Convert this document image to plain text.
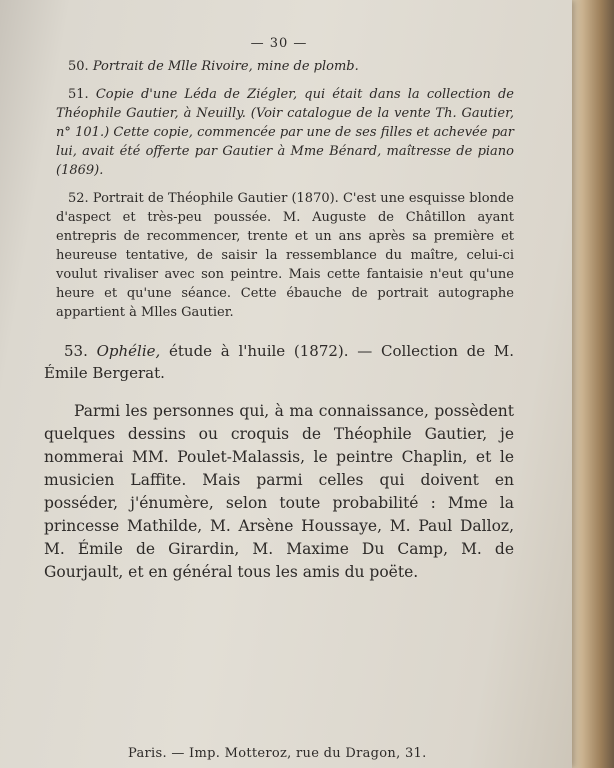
— 30 —
50. Portrait de Mlle Rivoire, mine de plomb.
51. Copie d'une Léda de Ziégler, qui était dans la collection de Théophile Gautier, à Neuilly. (Voir catalogue de la vente Th. Gautier, n° 101.) Cette copie, commencée par une de ses filles et achevée par lui, avait été offerte par Gautier à Mme Bénard, maîtresse de piano (1869).
52. Portrait de Théophile Gautier (1870). C'est une esquisse blonde d'aspect et très-peu poussée. M. Auguste de Châtillon ayant entrepris de recommencer, trente et un ans après sa première et heureuse tentative, de saisir la ressemblance du maître, celui-ci voulut rivaliser avec son peintre. Mais cette fantaisie n'eut qu'une heure et qu'une séance. Cette ébauche de portrait autographe appartient à Mlles Gautier.
53. Ophélie, étude à l'huile (1872). — Collection de M. Émile Bergerat.

Parmi les personnes qui, à ma connaissance, possèdent quelques dessins ou croquis de Théophile Gautier, je nommerai MM. Poulet-Malassis, le peintre Chaplin, et le musicien Laffite. Mais parmi celles qui doivent en posséder, j'énumère, selon toute probabilité : Mme la princesse Mathilde, M. Arsène Houssaye, M. Paul Dalloz, M. Émile de Girardin, M. Maxime Du Camp, M. de Gourjault, et en général tous les amis du poëte.

Paris. — Imp. Motteroz, rue du Dragon, 31.
